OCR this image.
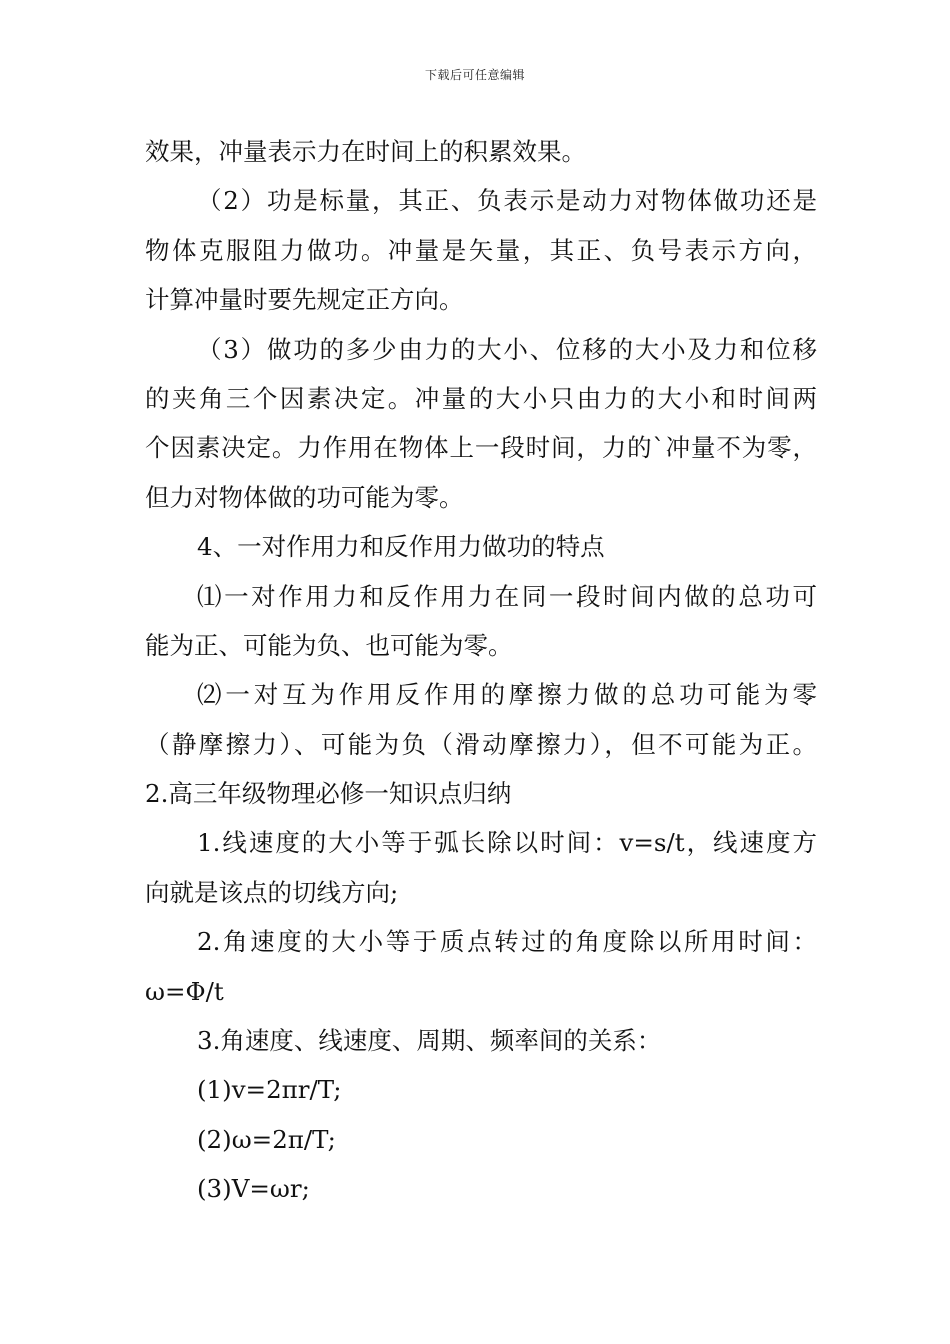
下载后可任意编辑
效果，冲量表示力在时间上的积累效果。
（2）功是标量，其正、负表示是动力对物体做功还是
物体克服阻力做功。冲量是矢量，其正、负号表示方向，
计算冲量时要先规定正方向。
（3）做功的多少由力的大小、位移的大小及力和位移
的夹角三个因素决定。冲量的大小只由力的大小和时间两
个因素决定。力作用在物体上一段时间，力的`冲量不为零，
但力对物体做的功可能为零。
4、一对作用力和反作用力做功的特点
⑴一对作用力和反作用力在同一段时间内做的总功可
能为正、可能为负、也可能为零。
⑵一对互为作用反作用的摩擦力做的总功可能为零
（静摩擦力）、可能为负（滑动摩擦力），但不可能为正。
2.高三年级物理必修一知识点归纳
1.线速度的大小等于弧长除以时间：v=s/t，线速度方
向就是该点的切线方向;
2.角速度的大小等于质点转过的角度除以所用时间：
ω=Φ/t
3.角速度、线速度、周期、频率间的关系：
(1)v=2πr/T;
(2)ω=2π/T;
(3)V=ωr;
